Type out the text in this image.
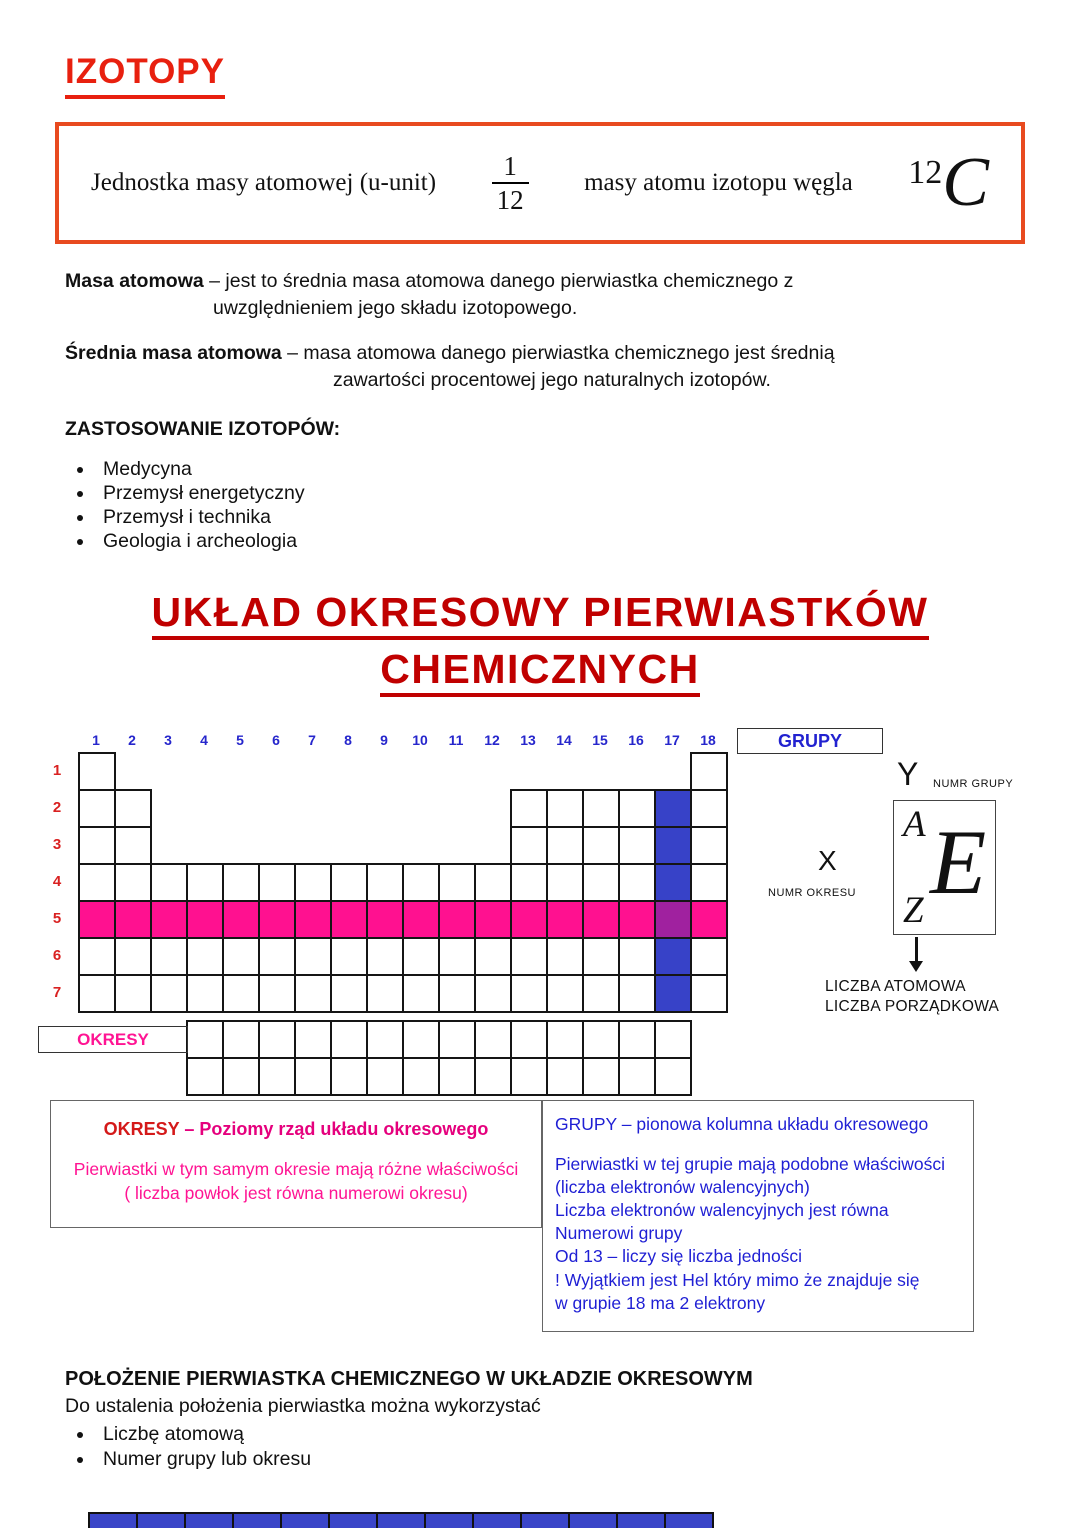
IZOTOPY
Jednostka masy atomowej (u-unit) $\frac{1}{12}$ masy atomu izotopu węgla 12C

Masa atomowa – jest to średnia masa atomowa danego pierwiastka chemicznego z
uwzględnieniem jego składu izotopowego.

Średnia masa atomowa – masa atomowa danego pierwiastka chemicznego jest średnią
zawartości procentowej jego naturalnych izotopów.

ZASTOSOWANIE IZOTOPÓW:

• Medycyna
• Przemysł energetyczny
• Przemysł i technika
• Geologia i archeologia
UKŁAD OKRESOWY PIERWIASTKÓW
CHEMICZNYCH
1	2	3	4	5	6	7	8	9	10	11	12	13	14	15	16	17	18
1
2
3
4
5
6
7
GRUPY
OKRESY
Y NUMR GRUPY
A
Z E
X
NUMR OKRESU
LICZBA ATOMOWA
LICZBA PORZĄDKOWA
OKRESY – Poziomy rząd układu okresowego
Pierwiastki w tym samym okresie mają różne właściwości
( liczba powłok jest równa numerowi okresu)
GRUPY – pionowa kolumna układu okresowego
Pierwiastki w tej grupie mają podobne właściwości
(liczba elektronów walencyjnych)
Liczba elektronów walencyjnych jest równa
Numerowi grupy
Od 13 – liczy się liczba jedności
! Wyjątkiem jest Hel który mimo że znajduje się
w grupie 18 ma 2 elektrony
POŁOŻENIE PIERWIASTKA CHEMICZNEGO W UKŁADZIE OKRESOWYM
Do ustalenia położenia pierwiastka można wykorzystać
• Liczbę atomową
• Numer grupy lub okresu
